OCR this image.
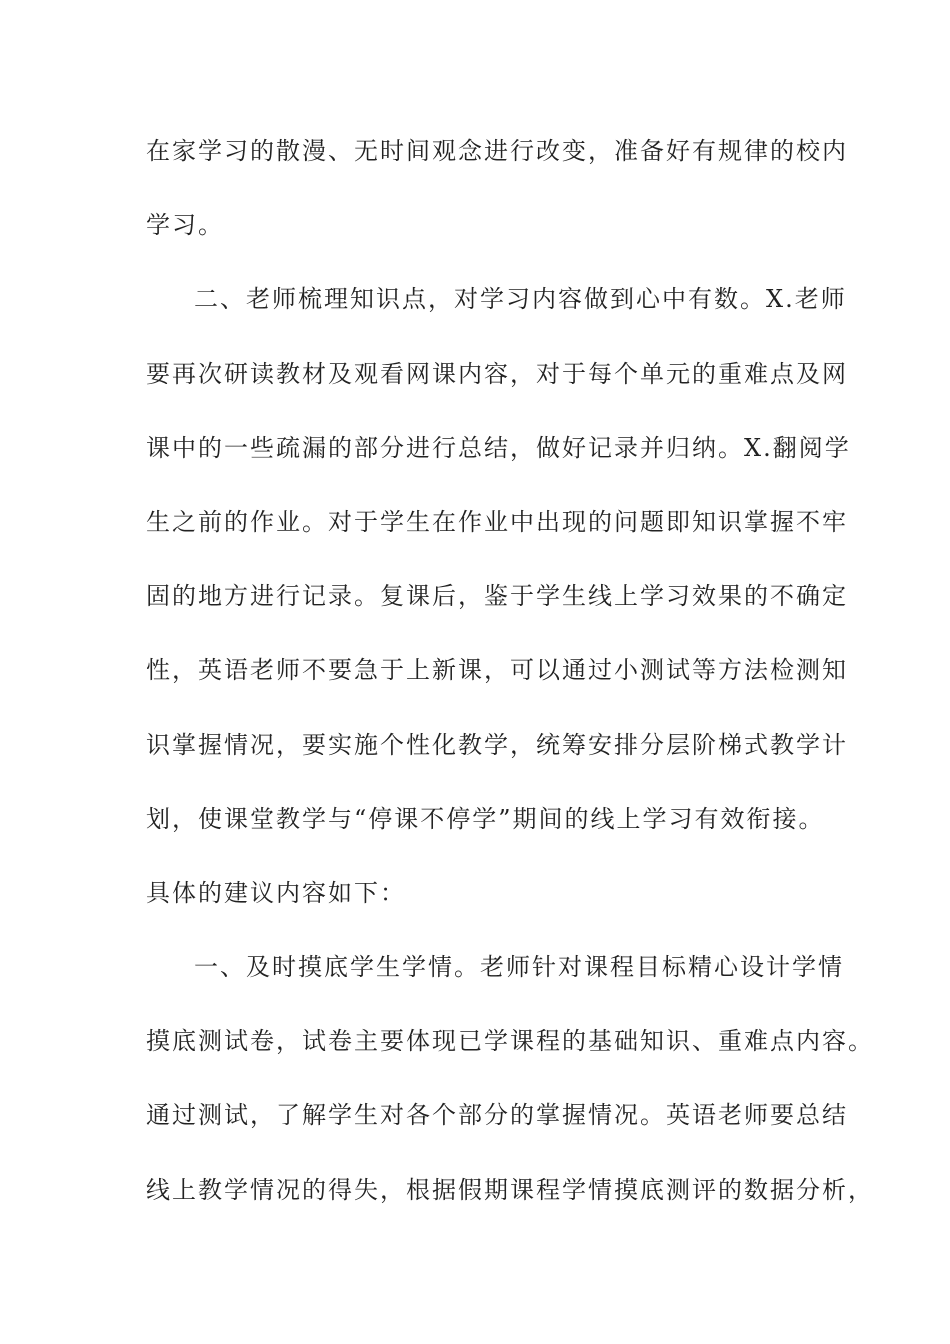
在家学习的散漫、无时间观念进行改变，准备好有规律的校内
学习。
二、老师梳理知识点，对学习内容做到心中有数。X.老师
要再次研读教材及观看网课内容，对于每个单元的重难点及网
课中的一些疏漏的部分进行总结，做好记录并归纳。X.翻阅学
生之前的作业。对于学生在作业中出现的问题即知识掌握不牢
固的地方进行记录。复课后，鉴于学生线上学习效果的不确定
性，英语老师不要急于上新课，可以通过小测试等方法检测知
识掌握情况，要实施个性化教学，统筹安排分层阶梯式教学计
划，使课堂教学与“停课不停学”期间的线上学习有效衔接。
具体的建议内容如下：
一、及时摸底学生学情。老师针对课程目标精心设计学情
摸底测试卷，试卷主要体现已学课程的基础知识、重难点内容。
通过测试，了解学生对各个部分的掌握情况。英语老师要总结
线上教学情况的得失，根据假期课程学情摸底测评的数据分析，
